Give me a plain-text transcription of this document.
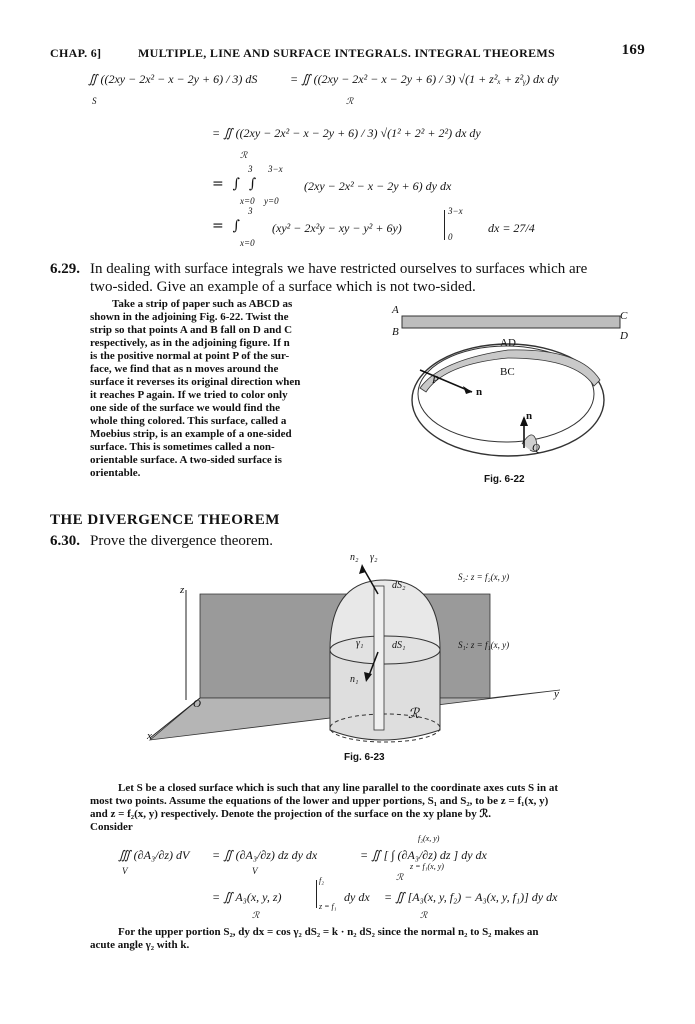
CHAP. 6]	MULTIPLE, LINE AND SURFACE INTEGRALS. INTEGRAL THEOREMS	169
∬ ((2xy − 2x² − x − 2y + 6) / 3) dS
S
= ∬ ((2xy − 2x² − x − 2y + 6) / 3) √(1 + z²ₓ + z²ᵧ) dx dy
ℛ
= ∬ ((2xy − 2x² − x − 2y + 6) / 3) √(1² + 2² + 2²) dx dy
ℛ
=  ∫  ∫
3
x=0
3−x
y=0
(2xy − 2x² − x − 2y + 6) dy dx
=  ∫
3
x=0
(xy² − 2x²y − xy − y² + 6y)
3−x
0
dx = 27/4
6.29. In dealing with surface integrals we have restricted ourselves to surfaces which are
two-sided. Give an example of a surface which is not two-sided.
Take a strip of paper such as ABCD as
shown in the adjoining Fig. 6-22. Twist the
strip so that points A and B fall on D and C
respectively, as in the adjoining figure. If n
is the positive normal at point P of the sur-
face, we find that as n moves around the
surface it reverses its original direction when
it reaches P again. If we tried to color only
one side of the surface we would find the
whole thing colored. This surface, called a
Moebius strip, is an example of a one-sided
surface. This is sometimes called a non-
orientable surface. A two-sided surface is
orientable.
A
B
C
D
AD
BC
P
n
n
Q
Fig. 6-22
THE DIVERGENCE THEOREM
6.30. Prove the divergence theorem.
z
x
y
O
n₂ γ₂
dS₂
S₂: z = f₂(x, y)
γ₁	dS₁	S₁: z = f₁(x, y)
n₁
ℛ
Fig. 6-23
Let S be a closed surface which is such that any line parallel to the coordinate axes cuts S in at
most two points. Assume the equations of the lower and upper portions, S₁ and S₂, to be z = f₁(x, y)
and z = f₂(x, y) respectively. Denote the projection of the surface on the xy plane by ℛ.
Consider
∭ (∂A₃/∂z) dV
V
= ∬ (∂A₃/∂z) dz dy dx
V
= ∬ [ ∫ (∂A₃/∂z) dz ] dy dx
f₂(x, y)
z = f₁(x, y)
ℛ
= ∬ A₃(x, y, z)
f₂
z = f₁
dy dx
ℛ
= ∬ [A₃(x, y, f₂) − A₃(x, y, f₁)] dy dx
ℛ
For the upper portion S₂, dy dx = cos γ₂ dS₂ = k · n₂ dS₂ since the normal n₂ to S₂ makes an
acute angle γ₂ with k.
